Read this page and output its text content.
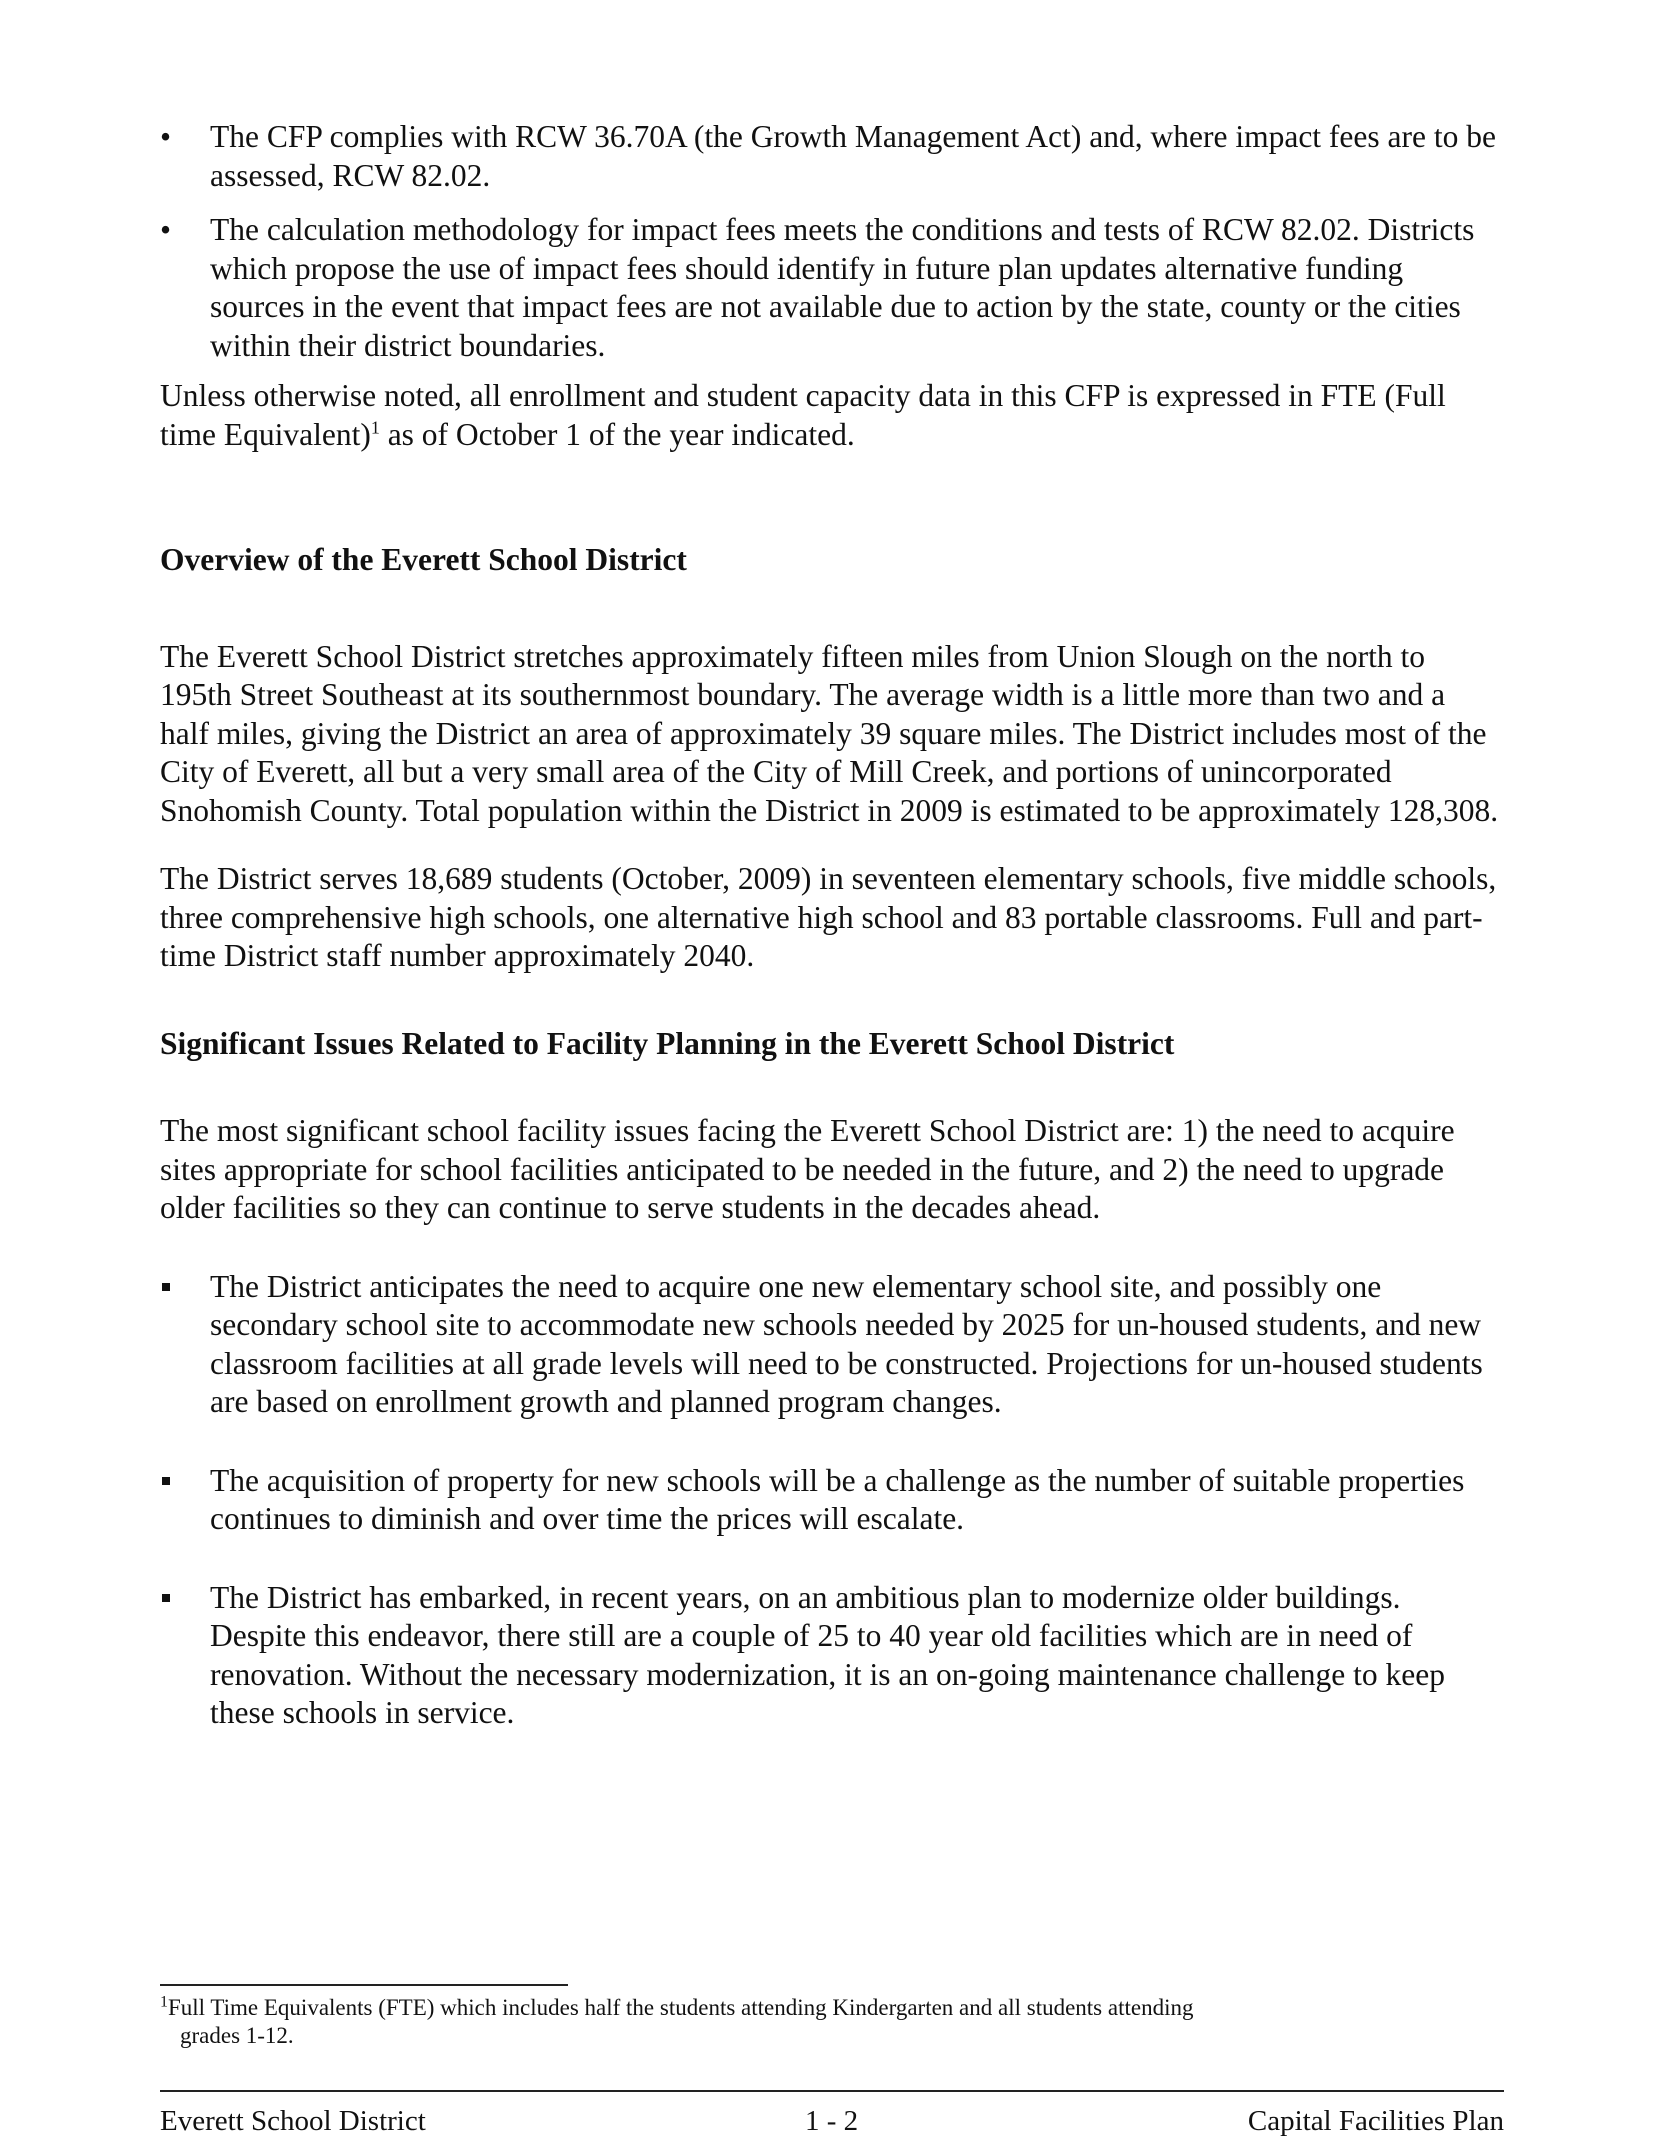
• The CFP complies with RCW 36.70A (the Growth Management Act) and, where impact fees are to be assessed, RCW 82.02.
• The calculation methodology for impact fees meets the conditions and tests of RCW 82.02. Districts which propose the use of impact fees should identify in future plan updates alternative funding sources in the event that impact fees are not available due to action by the state, county or the cities within their district boundaries.

Unless otherwise noted, all enrollment and student capacity data in this CFP is expressed in FTE (Full time Equivalent)$^1$ as of October 1 of the year indicated.

Overview of the Everett School District

The Everett School District stretches approximately fifteen miles from Union Slough on the north to 195th Street Southeast at its southernmost boundary. The average width is a little more than two and a half miles, giving the District an area of approximately 39 square miles. The District includes most of the City of Everett, all but a very small area of the City of Mill Creek, and portions of unincorporated Snohomish County. Total population within the District in 2009 is estimated to be approximately 128,308.

The District serves 18,689 students (October, 2009) in seventeen elementary schools, five middle schools, three comprehensive high schools, one alternative high school and 83 portable classrooms. Full and part-time District staff number approximately 2040.

Significant Issues Related to Facility Planning in the Everett School District

The most significant school facility issues facing the Everett School District are: 1) the need to acquire sites appropriate for school facilities anticipated to be needed in the future, and 2) the need to upgrade older facilities so they can continue to serve students in the decades ahead.

The District anticipates the need to acquire one new elementary school site, and possibly one secondary school site to accommodate new schools needed by 2025 for un-housed students, and new classroom facilities at all grade levels will need to be constructed. Projections for un-housed students are based on enrollment growth and planned program changes.
The acquisition of property for new schools will be a challenge as the number of suitable properties continues to diminish and over time the prices will escalate.
The District has embarked, in recent years, on an ambitious plan to modernize older buildings. Despite this endeavor, there still are a couple of 25 to 40 year old facilities which are in need of renovation. Without the necessary modernization, it is an on-going maintenance challenge to keep these schools in service.
$^1$Full Time Equivalents (FTE) which includes half the students attending Kindergarten and all students attending
grades 1-12.
Everett School District	1 - 2	Capital Facilities Plan
